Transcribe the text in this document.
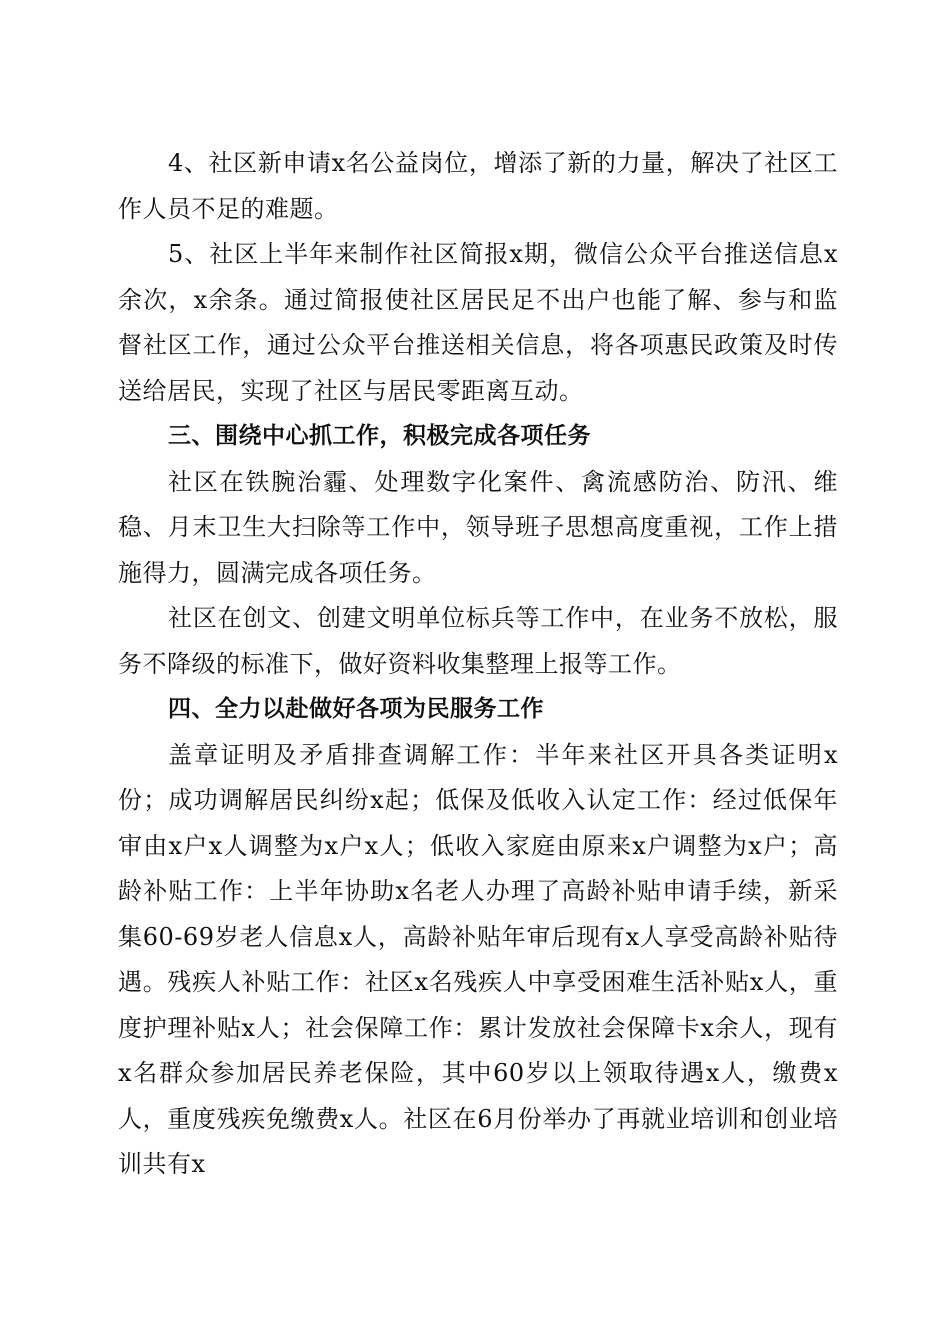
4、社区新申请x名公益岗位，增添了新的力量，解决了社区工作人员不足的难题。

5、社区上半年来制作社区简报x期，微信公众平台推送信息x余次，x余条。通过简报使社区居民足不出户也能了解、参与和监督社区工作，通过公众平台推送相关信息，将各项惠民政策及时传送给居民，实现了社区与居民零距离互动。

三、围绕中心抓工作，积极完成各项任务

社区在铁腕治霾、处理数字化案件、禽流感防治、防汛、维稳、月末卫生大扫除等工作中，领导班子思想高度重视，工作上措施得力，圆满完成各项任务。

社区在创文、创建文明单位标兵等工作中，在业务不放松，服务不降级的标准下，做好资料收集整理上报等工作。

四、全力以赴做好各项为民服务工作

盖章证明及矛盾排查调解工作：半年来社区开具各类证明x份；成功调解居民纠纷x起；低保及低收入认定工作：经过低保年审由x户x人调整为x户x人；低收入家庭由原来x户调整为x户；高龄补贴工作：上半年协助x名老人办理了高龄补贴申请手续，新采集60-69岁老人信息x人，高龄补贴年审后现有x人享受高龄补贴待遇。残疾人补贴工作：社区x名残疾人中享受困难生活补贴x人，重度护理补贴x人；社会保障工作：累计发放社会保障卡x余人，现有x名群众参加居民养老保险，其中60岁以上领取待遇x人，缴费x人，重度残疾免缴费x人。社区在6月份举办了再就业培训和创业培训共有x
